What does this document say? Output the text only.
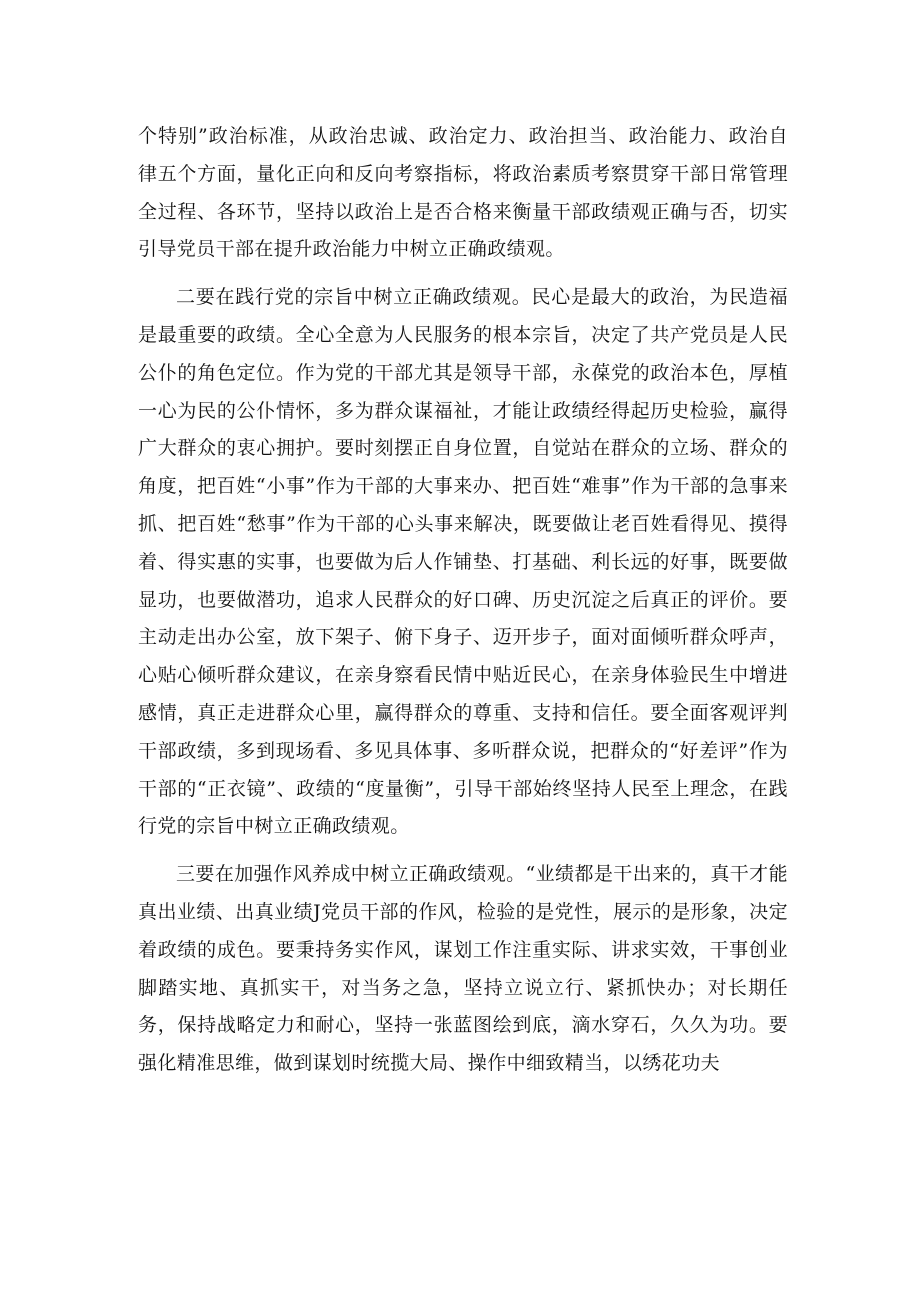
个特别”政治标准，从政治忠诚、政治定力、政治担当、政治能力、政治自律五个方面，量化正向和反向考察指标，将政治素质考察贯穿干部日常管理全过程、各环节，坚持以政治上是否合格来衡量干部政绩观正确与否，切实引导党员干部在提升政治能力中树立正确政绩观。

二要在践行党的宗旨中树立正确政绩观。民心是最大的政治，为民造福是最重要的政绩。全心全意为人民服务的根本宗旨，决定了共产党员是人民公仆的角色定位。作为党的干部尤其是领导干部，永葆党的政治本色，厚植一心为民的公仆情怀，多为群众谋福祉，才能让政绩经得起历史检验，赢得广大群众的衷心拥护。要时刻摆正自身位置，自觉站在群众的立场、群众的角度，把百姓“小事”作为干部的大事来办、把百姓“难事”作为干部的急事来抓、把百姓“愁事”作为干部的心头事来解决，既要做让老百姓看得见、摸得着、得实惠的实事，也要做为后人作铺垫、打基础、利长远的好事，既要做显功，也要做潜功，追求人民群众的好口碑、历史沉淀之后真正的评价。要主动走出办公室，放下架子、俯下身子、迈开步子，面对面倾听群众呼声，心贴心倾听群众建议，在亲身察看民情中贴近民心，在亲身体验民生中增进感情，真正走进群众心里，赢得群众的尊重、支持和信任。要全面客观评判干部政绩，多到现场看、多见具体事、多听群众说，把群众的“好差评”作为干部的“正衣镜”、政绩的“度量衡”，引导干部始终坚持人民至上理念，在践行党的宗旨中树立正确政绩观。

三要在加强作风养成中树立正确政绩观。“业绩都是干出来的，真干才能真出业绩、出真业绩J党员干部的作风，检验的是党性，展示的是形象，决定着政绩的成色。要秉持务实作风，谋划工作注重实际、讲求实效，干事创业脚踏实地、真抓实干，对当务之急，坚持立说立行、紧抓快办；对长期任务，保持战略定力和耐心，坚持一张蓝图绘到底，滴水穿石，久久为功。要强化精准思维，做到谋划时统揽大局、操作中细致精当，以绣花功夫
